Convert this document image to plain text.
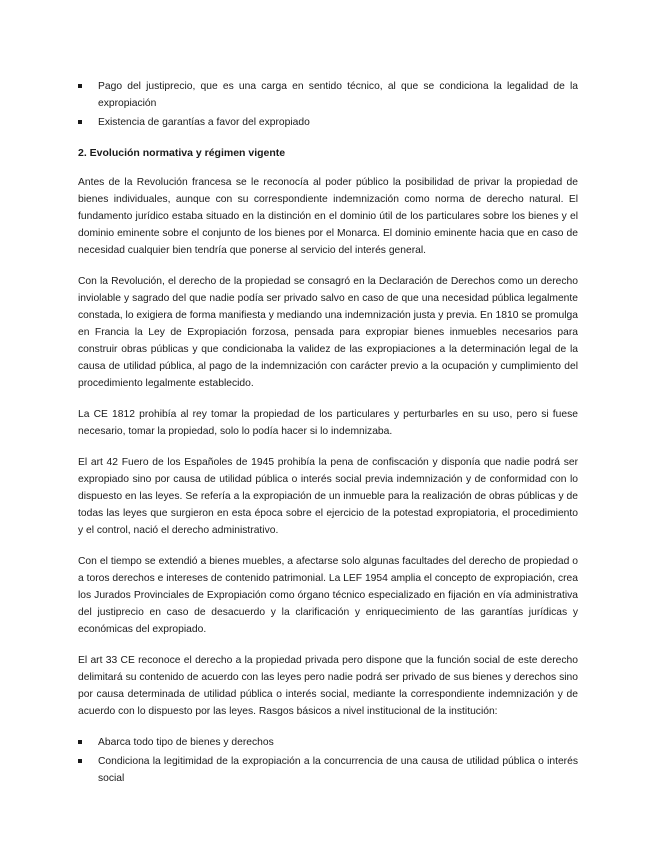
Pago del justiprecio, que es una carga en sentido técnico, al que se condiciona la legalidad de la expropiación
Existencia de garantías a favor del expropiado
2. Evolución normativa y régimen vigente

Antes de la Revolución francesa se le reconocía al poder público la posibilidad de privar la propiedad de bienes individuales, aunque con su correspondiente indemnización como norma de derecho natural. El fundamento jurídico estaba situado en la distinción en el dominio útil de los particulares sobre los bienes y el dominio eminente sobre el conjunto de los bienes por el Monarca. El dominio eminente hacia que en caso de necesidad cualquier bien tendría que ponerse al servicio del interés general.

Con la Revolución, el derecho de la propiedad se consagró en la Declaración de Derechos como un derecho inviolable y sagrado del que nadie podía ser privado salvo en caso de que una necesidad pública legalmente constada, lo exigiera de forma manifiesta y mediando una indemnización justa y previa. En 1810 se promulga en Francia la Ley de Expropiación forzosa, pensada para expropiar bienes inmuebles necesarios para construir obras públicas y que condicionaba la validez de las expropiaciones a la determinación legal de la causa de utilidad pública, al pago de la indemnización con carácter previo a la ocupación y cumplimiento del procedimiento legalmente establecido.

La CE 1812 prohibía al rey tomar la propiedad de los particulares y perturbarles en su uso, pero si fuese necesario, tomar la propiedad, solo lo podía hacer si lo indemnizaba.

El art 42 Fuero de los Españoles de 1945 prohibía la pena de confiscación y disponía que nadie podrá ser expropiado sino por causa de utilidad pública o interés social previa indemnización y de conformidad con lo dispuesto en las leyes. Se refería a la expropiación de un inmueble para la realización de obras públicas y de todas las leyes que surgieron en esta época sobre el ejercicio de la potestad expropiatoria, el procedimiento y el control, nació el derecho administrativo.

Con el tiempo se extendió a bienes muebles, a afectarse solo algunas facultades del derecho de propiedad o a toros derechos e intereses de contenido patrimonial. La LEF 1954 amplia el concepto de expropiación, crea los Jurados Provinciales de Expropiación como órgano técnico especializado en fijación en vía administrativa del justiprecio en caso de desacuerdo y la clarificación y enriquecimiento de las garantías jurídicas y económicas del expropiado.

El art 33 CE reconoce el derecho a la propiedad privada pero dispone que la función social de este derecho delimitará su contenido de acuerdo con las leyes pero nadie podrá ser privado de sus bienes y derechos sino por causa determinada de utilidad pública o interés social, mediante la correspondiente indemnización y de acuerdo con lo dispuesto por las leyes. Rasgos básicos a nivel institucional de la institución:

Abarca todo tipo de bienes y derechos
Condiciona la legitimidad de la expropiación a la concurrencia de una causa de utilidad pública o interés social
